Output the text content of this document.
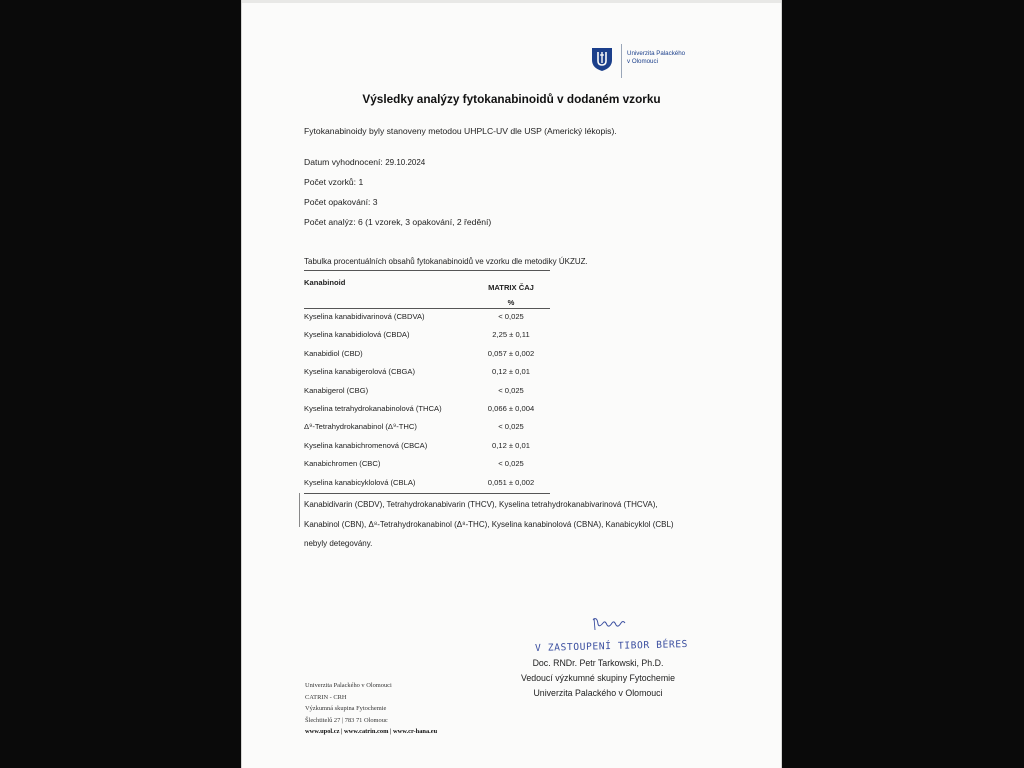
Univerzita Palackého
v Olomouci
Výsledky analýzy fytokanabinoidů v dodaném vzorku
Fytokanabinoidy byly stanoveny metodou UHPLC-UV dle USP (Americký lékopis).
Datum vyhodnocení: 29.10.2024
Počet vzorků: 1
Počet opakování: 3
Počet analýz: 6 (1 vzorek, 3 opakování, 2 ředění)
Tabulka procentuálních obsahů fytokanabinoidů ve vzorku dle metodiky ÚKZUZ.
Kanabinoid
MATRIX ČAJ
%
Kyselina kanabidivarinová (CBDVA)	< 0,025
Kyselina kanabidiolová (CBDA)	2,25 ± 0,11
Kanabidiol (CBD)	0,057 ± 0,002
Kyselina kanabigerolová (CBGA)	0,12 ± 0,01
Kanabigerol (CBG)	< 0,025
Kyselina tetrahydrokanabinolová (THCA)	0,066 ± 0,004
Δ⁹-Tetrahydrokanabinol (Δ⁹-THC)	< 0,025
Kyselina kanabichromenová (CBCA)	0,12 ± 0,01
Kanabichromen (CBC)	< 0,025
Kyselina kanabicyklolová (CBLA)	0,051 ± 0,002
Kanabidivarin (CBDV), Tetrahydrokanabivarin (THCV), Kyselina tetrahydrokanabivarinová (THCVA),
Kanabinol (CBN), Δ⁸-Tetrahydrokanabinol (Δ⁸-THC), Kyselina kanabinolová (CBNA), Kanabicyklol (CBL)
nebyly detegovány.
V ZASTOUPENÍ TIBOR BÉRES
Doc. RNDr. Petr Tarkowski, Ph.D.
Vedoucí výzkumné skupiny Fytochemie
Univerzita Palackého v Olomouci
Univerzita Palackého v Olomouci
CATRIN - CRH
Výzkumná skupina Fytochemie
Šlechtitelů 27 | 783 71 Olomouc
www.upol.cz | www.catrin.com | www.cr-hana.eu
